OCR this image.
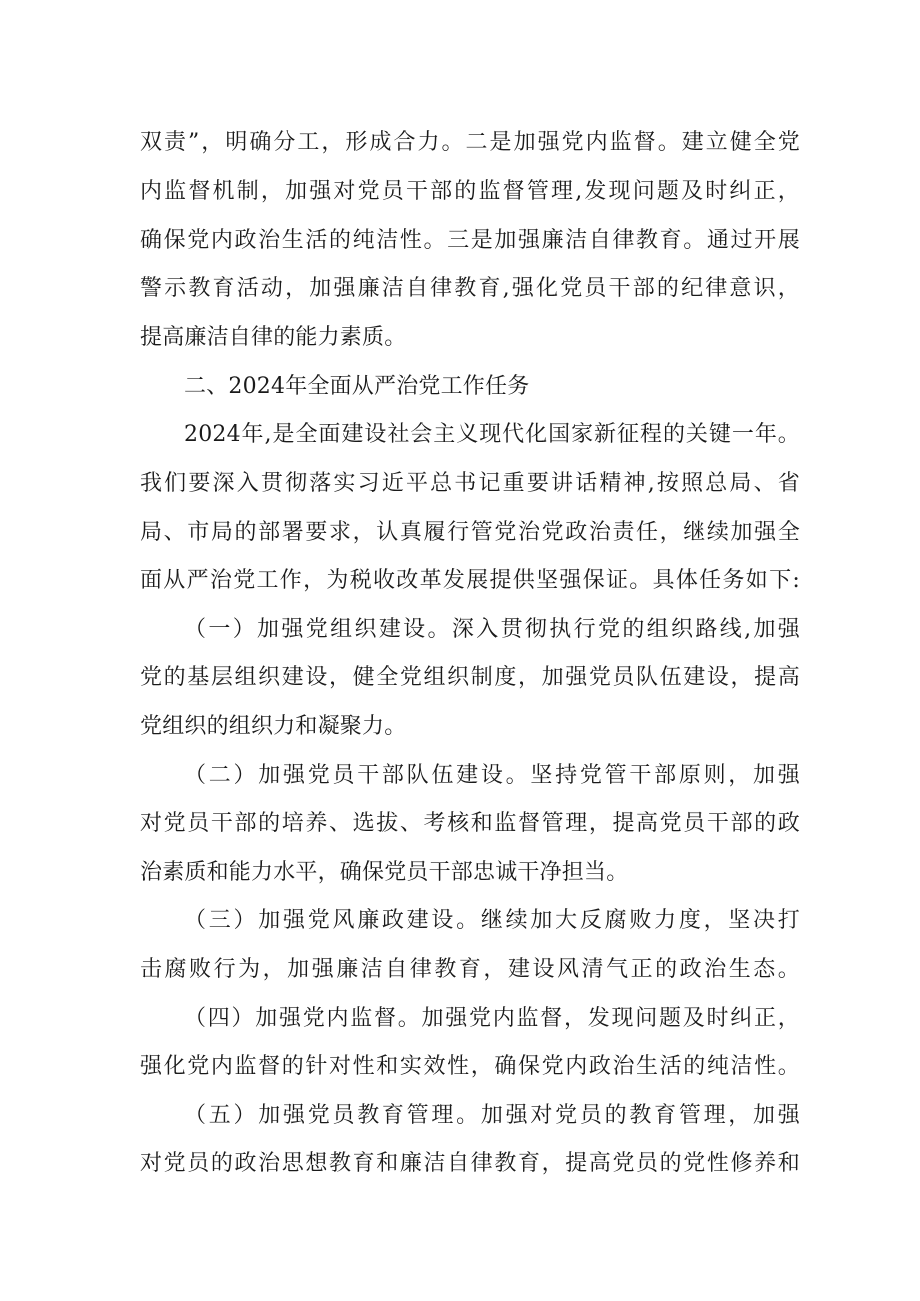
双责”，明确分工，形成合力。二是加强党内监督。建立健全党

内监督机制，加强对党员干部的监督管理,发现问题及时纠正，

确保党内政治生活的纯洁性。三是加强廉洁自律教育。通过开展

警示教育活动，加强廉洁自律教育,强化党员干部的纪律意识，

提高廉洁自律的能力素质。

二、2024年全面从严治党工作任务

2024年,是全面建设社会主义现代化国家新征程的关键一年。

我们要深入贯彻落实习近平总书记重要讲话精神,按照总局、省

局、市局的部署要求，认真履行管党治党政治责任，继续加强全

面从严治党工作，为税收改革发展提供坚强保证。具体任务如下:

（一）加强党组织建设。深入贯彻执行党的组织路线,加强

党的基层组织建设，健全党组织制度，加强党员队伍建设，提高

党组织的组织力和凝聚力。

（二）加强党员干部队伍建设。坚持党管干部原则，加强

对党员干部的培养、选拔、考核和监督管理，提高党员干部的政

治素质和能力水平，确保党员干部忠诚干净担当。

（三）加强党风廉政建设。继续加大反腐败力度，坚决打

击腐败行为，加强廉洁自律教育，建设风清气正的政治生态。

（四）加强党内监督。加强党内监督，发现问题及时纠正，

强化党内监督的针对性和实效性，确保党内政治生活的纯洁性。

（五）加强党员教育管理。加强对党员的教育管理，加强

对党员的政治思想教育和廉洁自律教育，提高党员的党性修养和
